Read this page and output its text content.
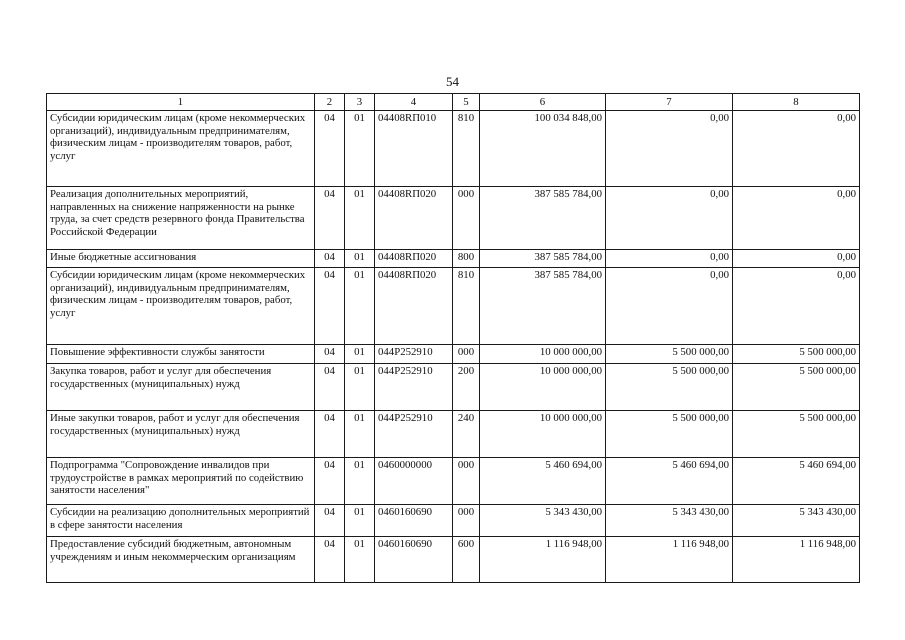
54
1	2	3	4	5	6	7	8
Субсидии юридическим лицам (кроме некоммерческих организаций), индивидуальным предпринимателям, физическим лицам - производителям товаров, работ, услуг	04	01	04408RП010	810	100 034 848,00	0,00	0,00
Реализация дополнительных мероприятий, направленных на снижение напряженности на рынке труда, за счет средств резервного фонда Правительства Российской Федерации	04	01	04408RП020	000	387 585 784,00	0,00	0,00
Иные бюджетные ассигнования	04	01	04408RП020	800	387 585 784,00	0,00	0,00
Субсидии юридическим лицам (кроме некоммерческих организаций), индивидуальным предпринимателям, физическим лицам - производителям товаров, работ, услуг	04	01	04408RП020	810	387 585 784,00	0,00	0,00
Повышение эффективности службы занятости	04	01	044P252910	000	10 000 000,00	5 500 000,00	5 500 000,00
Закупка товаров, работ и услуг для обеспечения государственных (муниципальных) нужд	04	01	044P252910	200	10 000 000,00	5 500 000,00	5 500 000,00
Иные закупки товаров, работ и услуг для обеспечения государственных (муниципальных) нужд	04	01	044P252910	240	10 000 000,00	5 500 000,00	5 500 000,00
Подпрограмма "Сопровождение инвалидов при трудоустройстве в рамках мероприятий по содействию занятости населения"	04	01	0460000000	000	5 460 694,00	5 460 694,00	5 460 694,00
Субсидии на реализацию дополнительных мероприятий в сфере занятости населения	04	01	0460160690	000	5 343 430,00	5 343 430,00	5 343 430,00
Предоставление субсидий бюджетным, автономным учреждениям и иным некоммерческим организациям	04	01	0460160690	600	1 116 948,00	1 116 948,00	1 116 948,00
